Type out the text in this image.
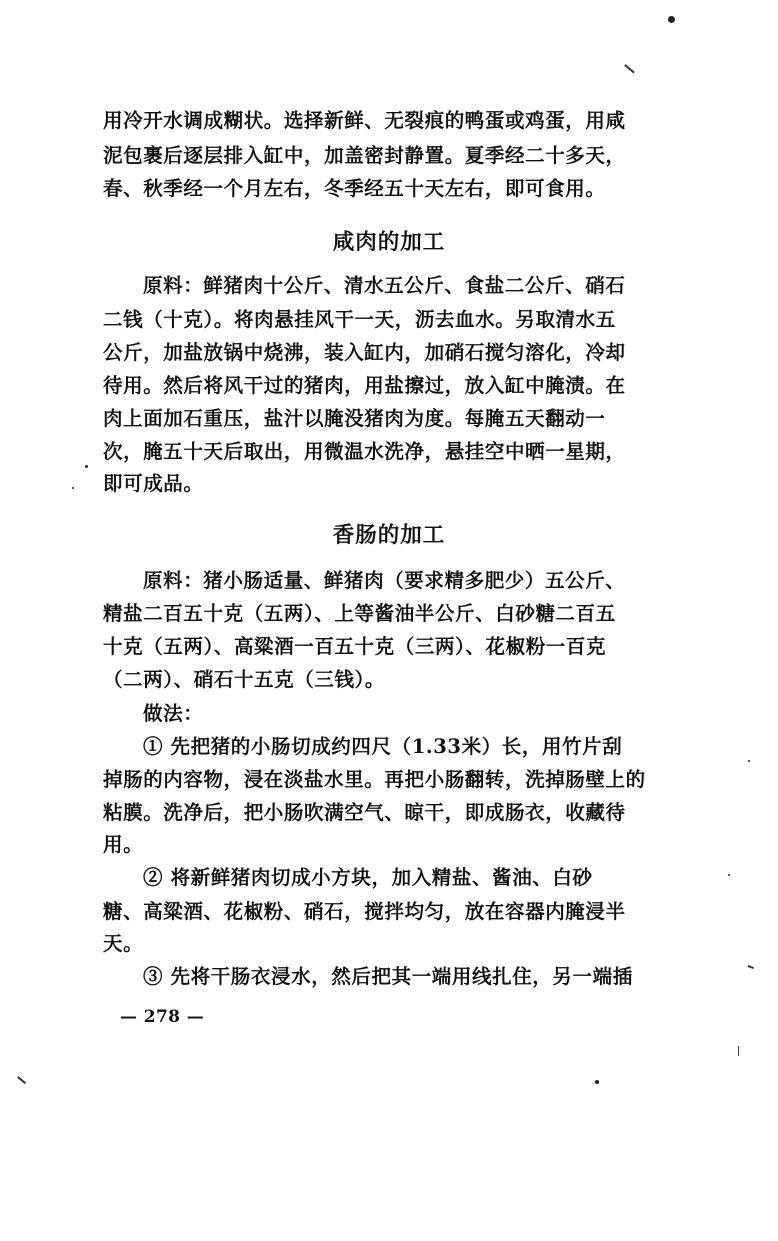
用冷开水调成糊状。选择新鲜、无裂痕的鸭蛋或鸡蛋，用咸
泥包裹后逐层排入缸中，加盖密封静置。夏季经二十多天，
春、秋季经一个月左右，冬季经五十天左右，即可食用。
咸肉的加工
原料：鲜猪肉十公斤、清水五公斤、食盐二公斤、硝石
二钱（十克）。将肉悬挂风干一天，沥去血水。另取清水五
公斤，加盐放锅中烧沸，装入缸内，加硝石搅匀溶化，冷却
待用。然后将风干过的猪肉，用盐擦过，放入缸中腌渍。在
肉上面加石重压，盐汁以腌没猪肉为度。每腌五天翻动一
次，腌五十天后取出，用微温水洗净，悬挂空中晒一星期，
即可成品。
香肠的加工
原料：猪小肠适量、鲜猪肉（要求精多肥少）五公斤、
精盐二百五十克（五两）、上等酱油半公斤、白砂糖二百五
十克（五两）、高粱酒一百五十克（三两）、花椒粉一百克
（二两）、硝石十五克（三钱）。
做法：
① 先把猪的小肠切成约四尺（1.33米）长，用竹片刮
掉肠的内容物，浸在淡盐水里。再把小肠翻转，洗掉肠壁上的
粘膜。洗净后，把小肠吹满空气、晾干，即成肠衣，收藏待
用。
② 将新鲜猪肉切成小方块，加入精盐、酱油、白砂
糖、高粱酒、花椒粉、硝石，搅拌均匀，放在容器内腌浸半
天。
③ 先将干肠衣浸水，然后把其一端用线扎住，另一端插
— 278 —
